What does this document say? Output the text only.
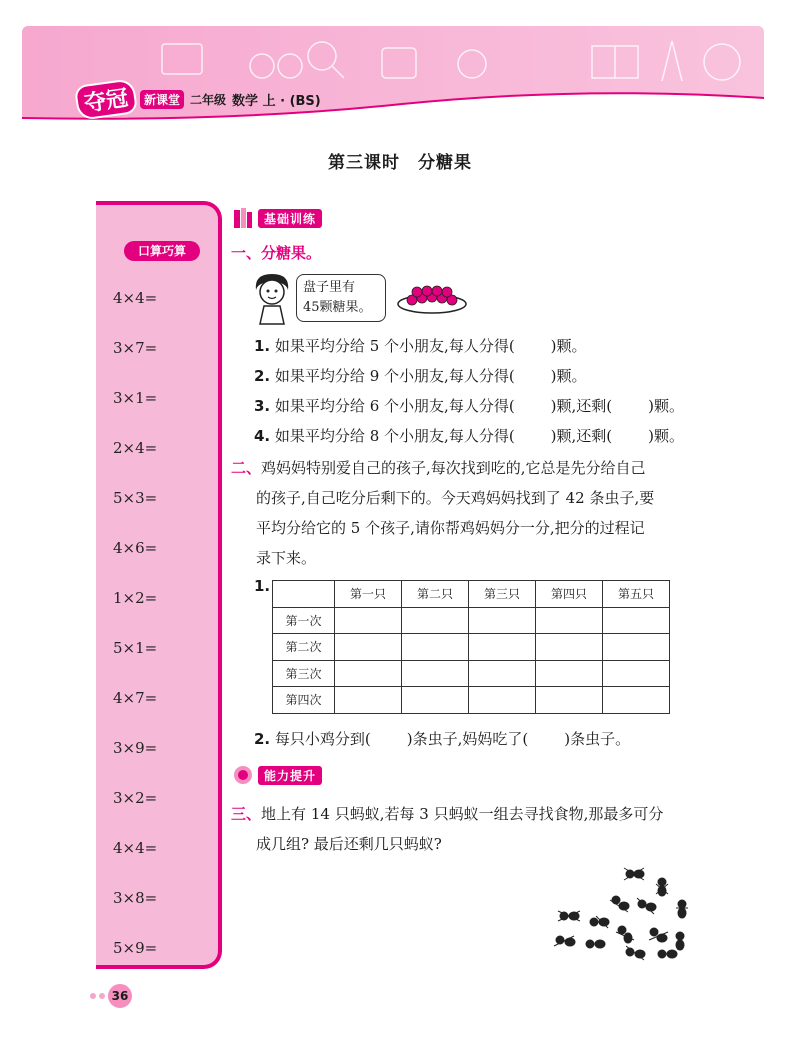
夺冠	新课堂 二年级 数学 上 · (BS)
第三课时　分糖果
口算巧算
4×4=
3×7=
3×1=
2×4=
5×3=
4×6=
1×2=
5×1=
4×7=
3×9=
3×2=
4×4=
3×8=
5×9=
基础训练
一、分糖果。
盘子里有
45颗糖果。
1. 如果平均分给 5 个小朋友,每人分得( )颗。
2. 如果平均分给 9 个小朋友,每人分得( )颗。
3. 如果平均分给 6 个小朋友,每人分得( )颗,还剩( )颗。
4. 如果平均分给 8 个小朋友,每人分得( )颗,还剩( )颗。
二、鸡妈妈特别爱自己的孩子,每次找到吃的,它总是先分给自己
的孩子,自己吃分后剩下的。今天鸡妈妈找到了 42 条虫子,要
平均分给它的 5 个孩子,请你帮鸡妈妈分一分,把分的过程记
录下来。
1.
		第一只	第二只	第三只	第四只	第五只
第一次					
第二次					
第三次					
第四次					
2. 每只小鸡分到( )条虫子,妈妈吃了( )条虫子。
能力提升
三、地上有 14 只蚂蚁,若每 3 只蚂蚁一组去寻找食物,那最多可分
成几组? 最后还剩几只蚂蚁?
36
